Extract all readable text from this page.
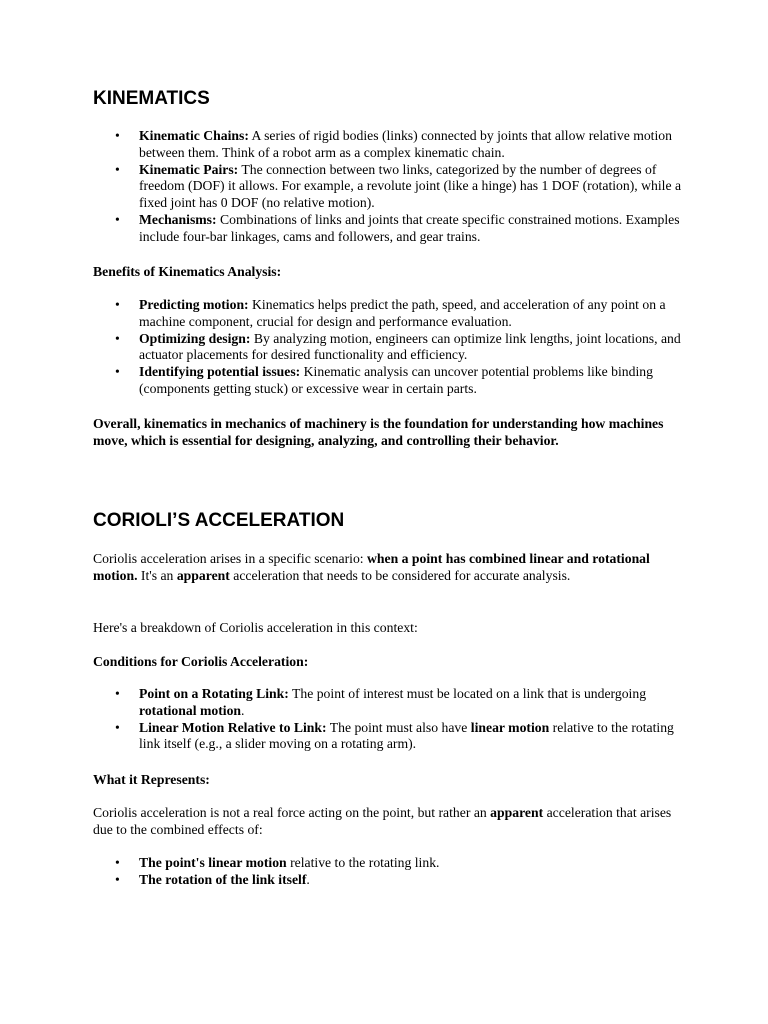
KINEMATICS
• Kinematic Chains: A series of rigid bodies (links) connected by joints that allow relative motion between them. Think of a robot arm as a complex kinematic chain.
• Kinematic Pairs: The connection between two links, categorized by the number of degrees of freedom (DOF) it allows. For example, a revolute joint (like a hinge) has 1 DOF (rotation), while a fixed joint has 0 DOF (no relative motion).
• Mechanisms: Combinations of links and joints that create specific constrained motions. Examples include four-bar linkages, cams and followers, and gear trains.

Benefits of Kinematics Analysis:

• Predicting motion: Kinematics helps predict the path, speed, and acceleration of any point on a machine component, crucial for design and performance evaluation.
• Optimizing design: By analyzing motion, engineers can optimize link lengths, joint locations, and actuator placements for desired functionality and efficiency.
• Identifying potential issues: Kinematic analysis can uncover potential problems like binding (components getting stuck) or excessive wear in certain parts.

Overall, kinematics in mechanics of machinery is the foundation for understanding how machines move, which is essential for designing, analyzing, and controlling their behavior.

CORIOLI’S ACCELERATION

Coriolis acceleration arises in a specific scenario: when a point has combined linear and rotational motion. It's an apparent acceleration that needs to be considered for accurate analysis.

Here's a breakdown of Coriolis acceleration in this context:

Conditions for Coriolis Acceleration:

• Point on a Rotating Link: The point of interest must be located on a link that is undergoing rotational motion.
• Linear Motion Relative to Link: The point must also have linear motion relative to the rotating link itself (e.g., a slider moving on a rotating arm).

What it Represents:

Coriolis acceleration is not a real force acting on the point, but rather an apparent acceleration that arises due to the combined effects of:

• The point's linear motion relative to the rotating link.
• The rotation of the link itself.
